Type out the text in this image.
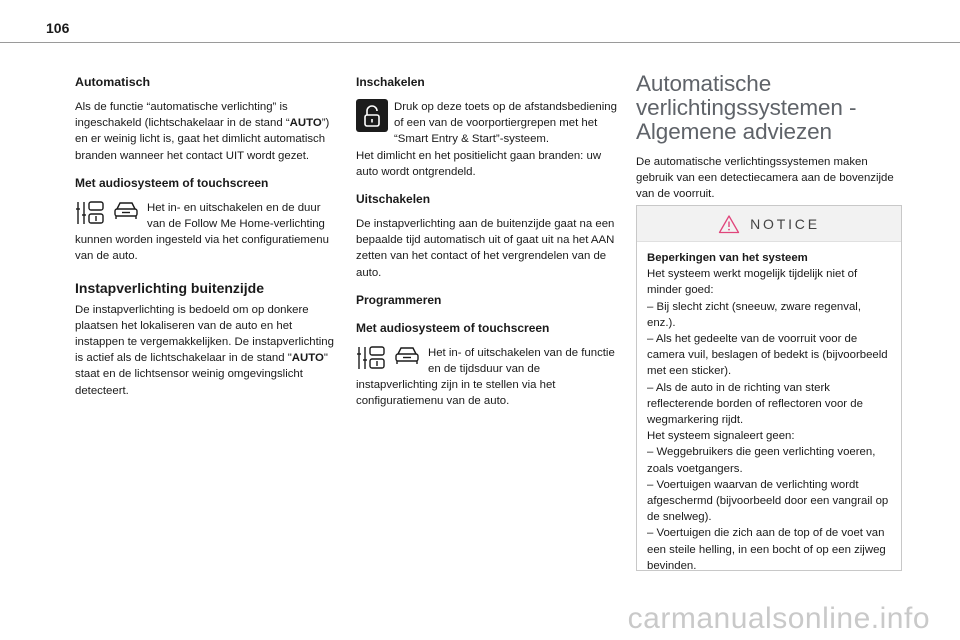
106

Automatisch

Als de functie “automatische verlichting” is ingeschakeld (lichtschakelaar in de stand “AUTO”) en er weinig licht is, gaat het dimlicht automatisch branden wanneer het contact UIT wordt gezet.

Met audiosysteem of touchscreen

Het in- en uitschakelen en de duur van de Follow Me Home-verlichting kunnen worden ingesteld via het configuratiemenu van de auto.

Instapverlichting buitenzijde

De instapverlichting is bedoeld om op donkere plaatsen het lokaliseren van de auto en het instappen te vergemakkelijken. De instapverlichting is actief als de lichtschakelaar in de stand "AUTO" staat en de lichtsensor weinig omgevingslicht detecteert.

Inschakelen

Druk op deze toets op de afstandsbediening of een van de voorportiergrepen met het “Smart Entry & Start”-systeem.

Het dimlicht en het positielicht gaan branden: uw auto wordt ontgrendeld.

Uitschakelen

De instapverlichting aan de buitenzijde gaat na een bepaalde tijd automatisch uit of gaat uit na het AAN zetten van het contact of het vergrendelen van de auto.

Programmeren

Met audiosysteem of touchscreen

Het in- of uitschakelen van de functie en de tijdsduur van de instapverlichting zijn in te stellen via het configuratiemenu van de auto.

Automatische verlichtingssystemen - Algemene adviezen

De automatische verlichtingssystemen maken gebruik van een detectiecamera aan de bovenzijde van de voorruit.

NOTICE

Beperkingen van het systeem

Het systeem werkt mogelijk tijdelijk niet of minder goed:

– Bij slecht zicht (sneeuw, zware regenval, enz.).

– Als het gedeelte van de voorruit voor de camera vuil, beslagen of bedekt is (bijvoorbeeld met een sticker).

– Als de auto in de richting van sterk reflecterende borden of reflectoren voor de wegmarkering rijdt.

Het systeem signaleert geen:

– Weggebruikers die geen verlichting voeren, zoals voetgangers.

– Voertuigen waarvan de verlichting wordt afgeschermd (bijvoorbeeld door een vangrail op de snelweg).

– Voertuigen die zich aan de top of de voet van een steile helling, in een bocht of op een zijweg bevinden.

carmanualsonline.info
